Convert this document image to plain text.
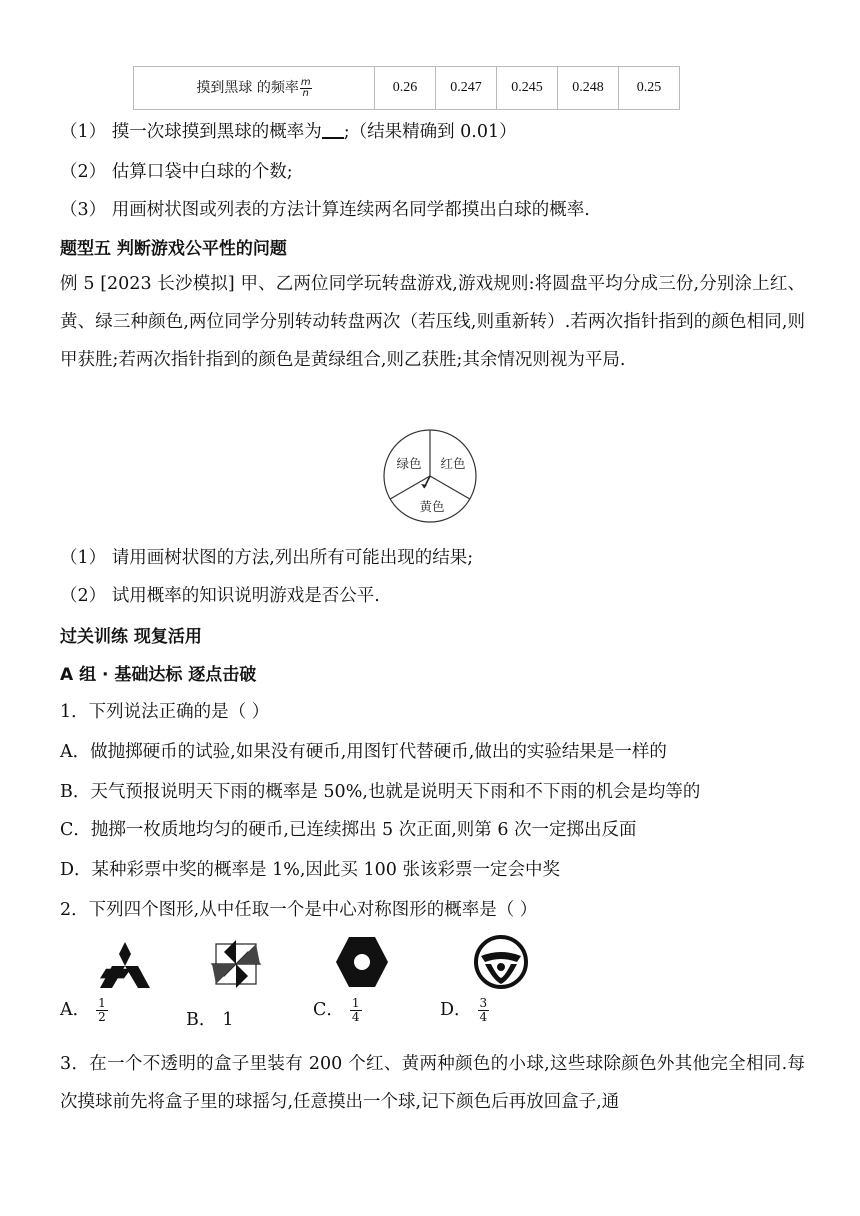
摸到黑球 的频率 $\frac{m}{n}$	0.26	0.247	0.245	0.248	0.25
（1） 摸一次球摸到黑球的概率为 ;（结果精确到 0.01）
（2） 估算口袋中白球的个数;
（3） 用画树状图或列表的方法计算连续两名同学都摸出白球的概率.
题型五 判断游戏公平性的问题
例 5 [2023 长沙模拟] 甲、乙两位同学玩转盘游戏,游戏规则:将圆盘平均分成三份,分别涂上红、黄、绿三种颜色,两位同学分别转动转盘两次（若压线,则重新转）.若两次指针指到的颜色相同,则甲获胜;若两次指针指到的颜色是黄绿组合,则乙获胜;其余情况则视为平局.
绿色 红色
黄色
（1） 请用画树状图的方法,列出所有可能出现的结果;
（2） 试用概率的知识说明游戏是否公平.
过关训练 现复活用
A 组 · 基础达标 逐点击破
1．下列说法正确的是（ ）
A．做抛掷硬币的试验,如果没有硬币,用图钉代替硬币,做出的实验结果是一样的
B．天气预报说明天下雨的概率是 50%,也就是说明天下雨和不下雨的机会是均等的
C．抛掷一枚质地均匀的硬币,已连续掷出 5 次正面,则第 6 次一定掷出反面
D．某种彩票中奖的概率是 1%,因此买 100 张该彩票一定会中奖
2．下列四个图形,从中任取一个是中心对称图形的概率是（ ）
A． $\frac{1}{2}$	B． 1	C． $\frac{1}{4}$	D． $\frac{3}{4}$
3．在一个不透明的盒子里装有 200 个红、黄两种颜色的小球,这些球除颜色外其他完全相同.每次摸球前先将盒子里的球摇匀,任意摸出一个球,记下颜色后再放回盒子,通
